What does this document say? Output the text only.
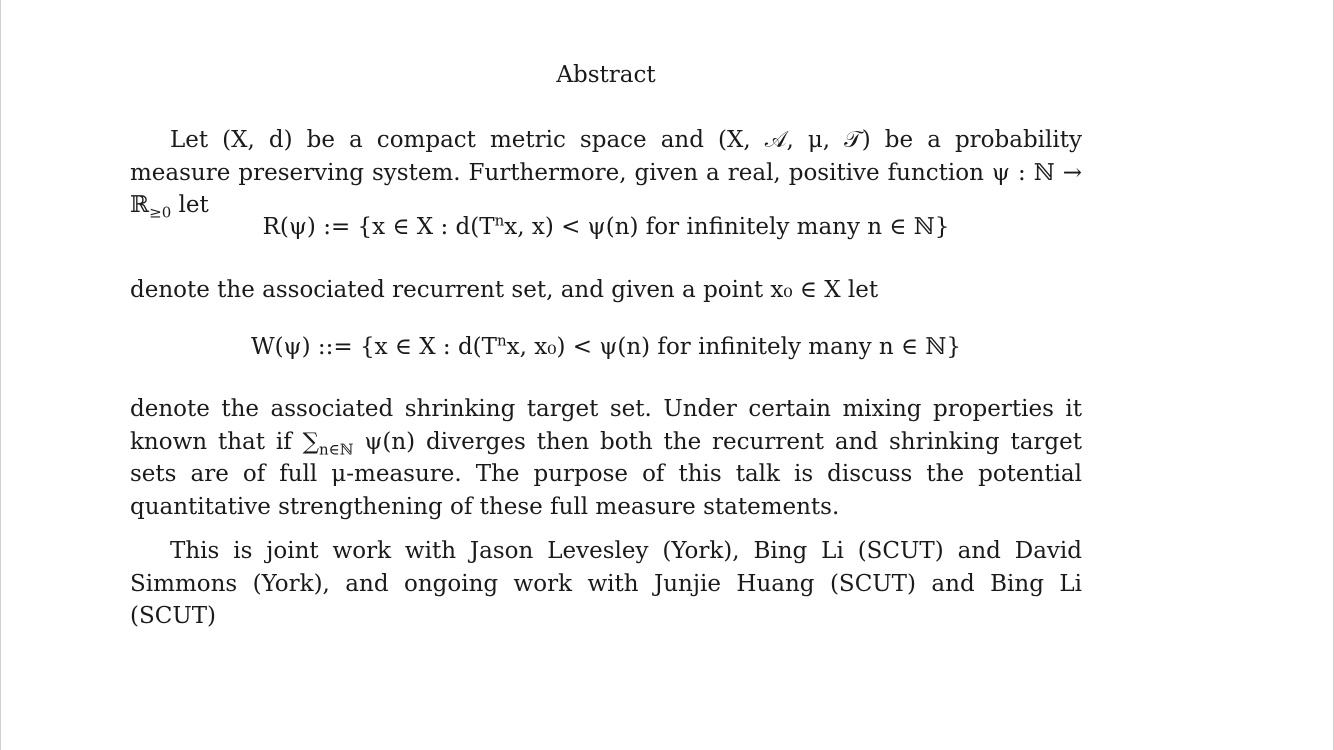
Abstract

Let (X, d) be a compact metric space and (X, 𝒜, μ, 𝒯) be a probability measure preserving system. Furthermore, given a real, positive function ψ : ℕ → ℝ$_{\ge 0}$ let

R(ψ) := {x ∈ X : $d(T^nx$, x) < ψ(n) for infinitely many n ∈ ℕ}

denote the associated recurrent set, and given a point x₀ ∈ X let

W(ψ) ::= {x ∈ X : $d(T^nx$, x₀) < ψ(n) for infinitely many n ∈ ℕ}

denote the associated shrinking target set. Under certain mixing properties it known that if $\sum_{n\in ℕ}$ ψ(n) diverges then both the recurrent and shrinking target sets are of full μ-measure. The purpose of this talk is discuss the potential quantitative strengthening of these full measure statements.

This is joint work with Jason Levesley (York), Bing Li (SCUT) and David Simmons (York), and ongoing work with Junjie Huang (SCUT) and Bing Li (SCUT)
